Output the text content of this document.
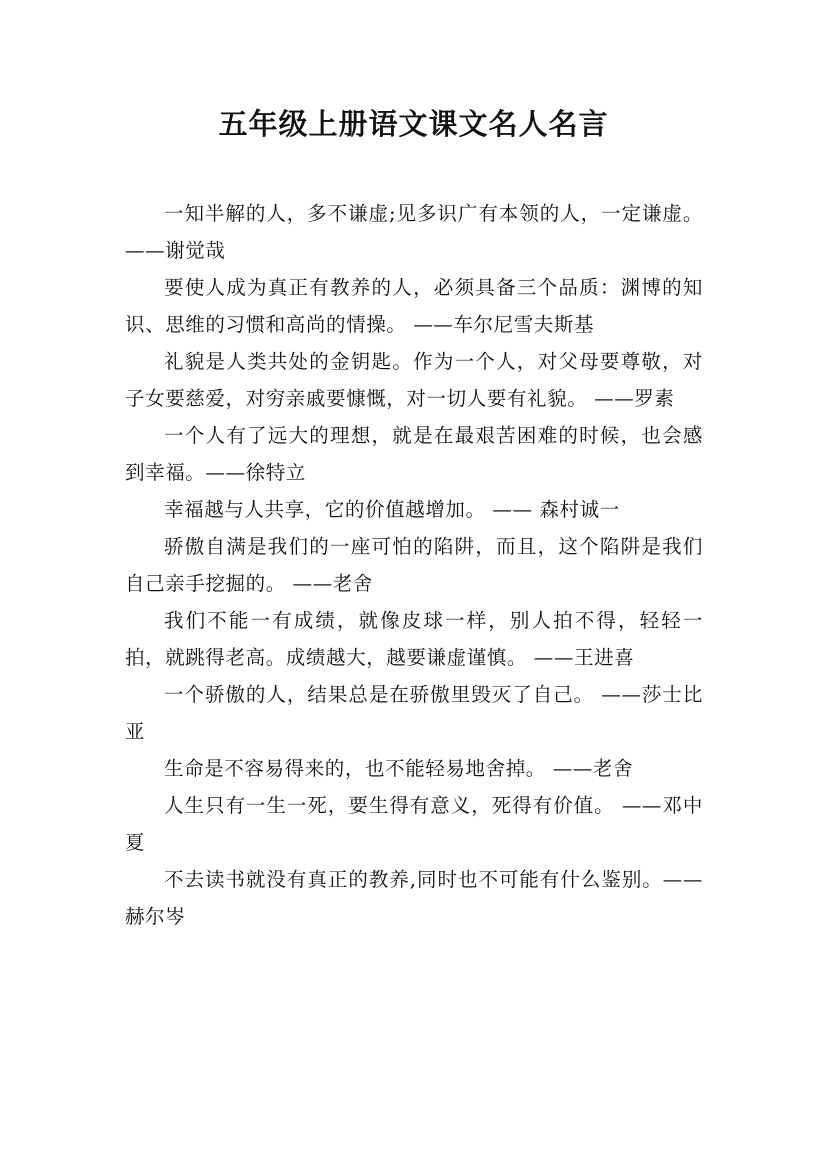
五年级上册语文课文名人名言

一知半解的人，多不谦虚;见多识广有本领的人，一定谦虚。——谢觉哉

要使人成为真正有教养的人，必须具备三个品质：渊博的知识、思维的习惯和高尚的情操。 ——车尔尼雪夫斯基

礼貌是人类共处的金钥匙。作为一个人，对父母要尊敬，对子女要慈爱，对穷亲戚要慷慨，对一切人要有礼貌。 ——罗素

一个人有了远大的理想，就是在最艰苦困难的时候，也会感到幸福。——徐特立

幸福越与人共享，它的价值越增加。 —— 森村诚一

骄傲自满是我们的一座可怕的陷阱，而且，这个陷阱是我们自己亲手挖掘的。 ——老舍

我们不能一有成绩，就像皮球一样，别人拍不得，轻轻一拍，就跳得老高。成绩越大，越要谦虚谨慎。 ——王进喜

一个骄傲的人，结果总是在骄傲里毁灭了自己。 ——莎士比亚

生命是不容易得来的，也不能轻易地舍掉。 ——老舍

人生只有一生一死，要生得有意义，死得有价值。 ——邓中夏

不去读书就没有真正的教养,同时也不可能有什么鉴别。——赫尔岑
